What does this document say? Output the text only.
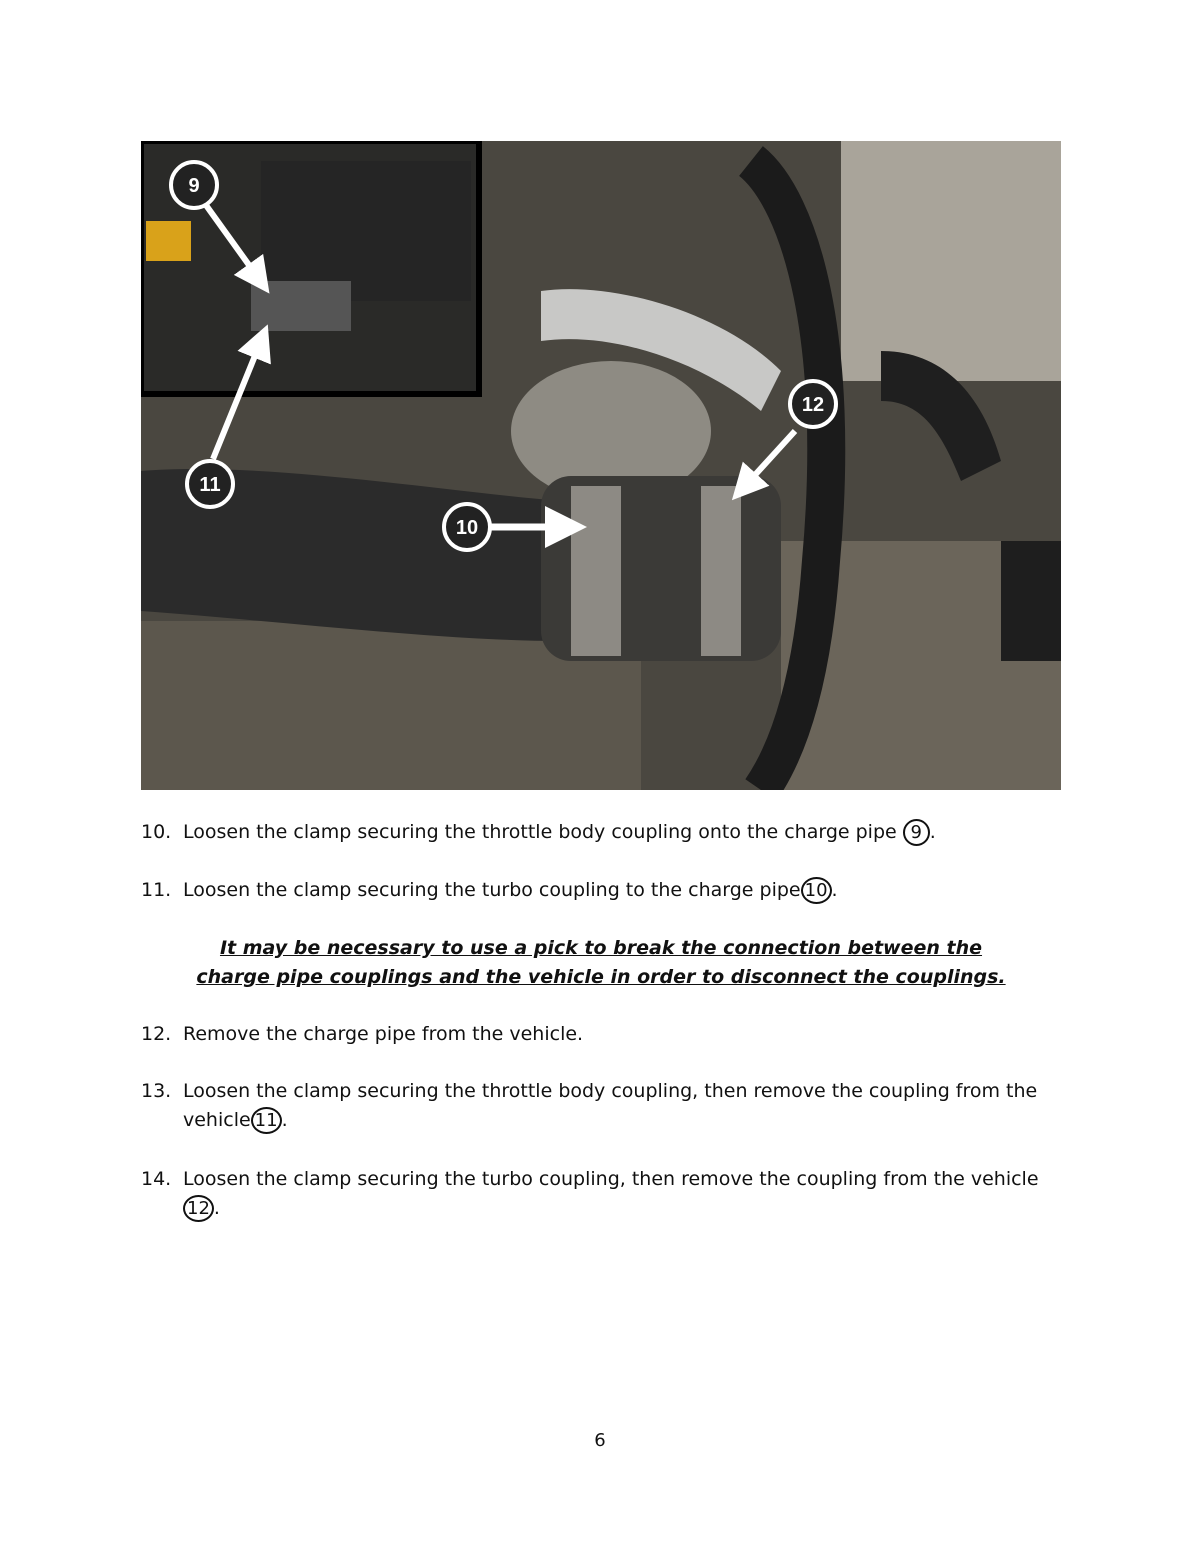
9
10
11
12
10. Loosen the clamp securing the throttle body coupling onto the charge pipe 9 .
11. Loosen the clamp securing the turbo coupling to the charge pipe 10 .
12. Remove the charge pipe from the vehicle.
13. Loosen the clamp securing the throttle body coupling, then remove the coupling from the
vehicle 11 .
14. Loosen the clamp securing the turbo coupling, then remove the coupling from the vehicle
12 .
It may be necessary to use a pick to break the connection between the
charge pipe couplings and the vehicle in order to disconnect the couplings.
6
